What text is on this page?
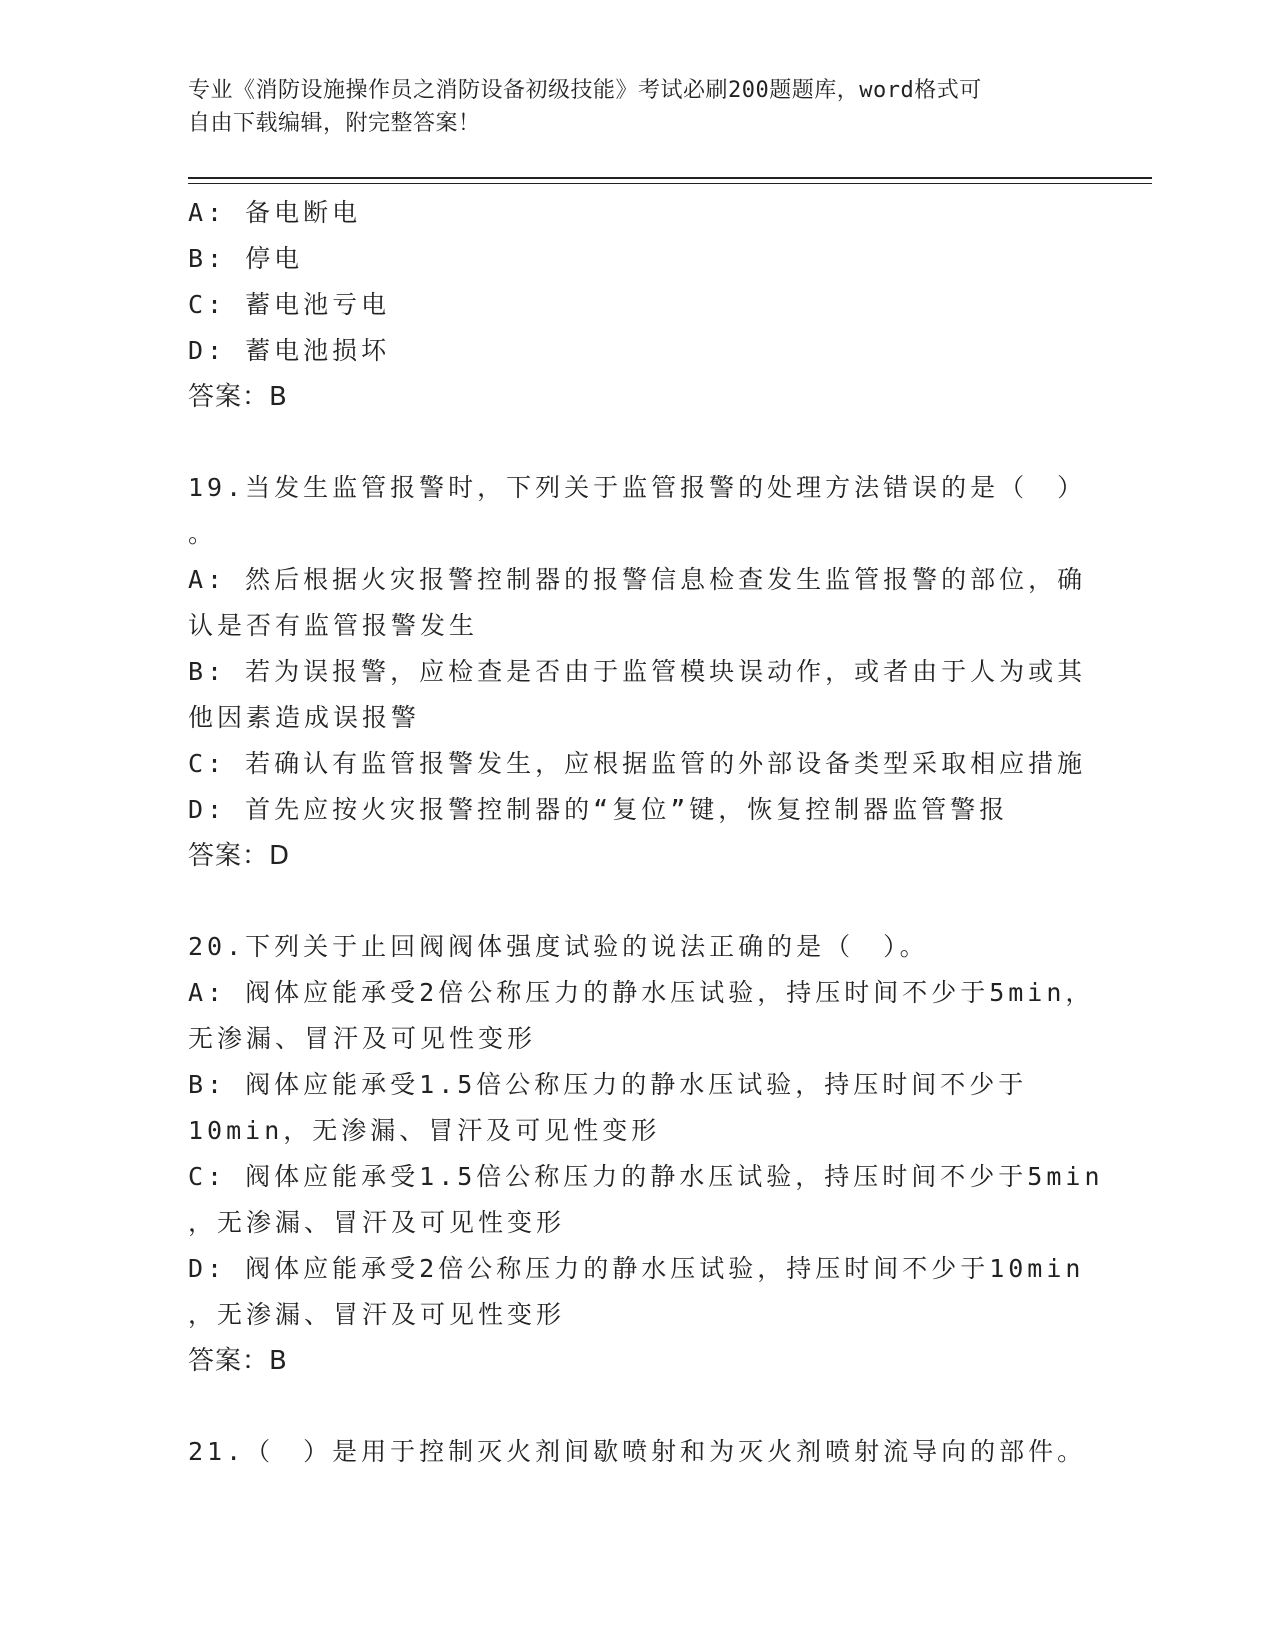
专业《消防设施操作员之消防设备初级技能》考试必刷200题题库，word格式可
自由下载编辑，附完整答案！
A: 备电断电
B: 停电
C: 蓄电池亏电
D: 蓄电池损坏
答案：B
19.当发生监管报警时，下列关于监管报警的处理方法错误的是（　）
。
A: 然后根据火灾报警控制器的报警信息检查发生监管报警的部位，确
认是否有监管报警发生
B: 若为误报警，应检查是否由于监管模块误动作，或者由于人为或其
他因素造成误报警
C: 若确认有监管报警发生，应根据监管的外部设备类型采取相应措施
D: 首先应按火灾报警控制器的“复位”键，恢复控制器监管警报
答案：D
20.下列关于止回阀阀体强度试验的说法正确的是（　）。
A: 阀体应能承受2倍公称压力的静水压试验，持压时间不少于5min，
无渗漏、冒汗及可见性变形
B: 阀体应能承受1.5倍公称压力的静水压试验，持压时间不少于
10min，无渗漏、冒汗及可见性变形
C: 阀体应能承受1.5倍公称压力的静水压试验，持压时间不少于5min
，无渗漏、冒汗及可见性变形
D: 阀体应能承受2倍公称压力的静水压试验，持压时间不少于10min
，无渗漏、冒汗及可见性变形
答案：B
21.（　）是用于控制灭火剂间歇喷射和为灭火剂喷射流导向的部件。
